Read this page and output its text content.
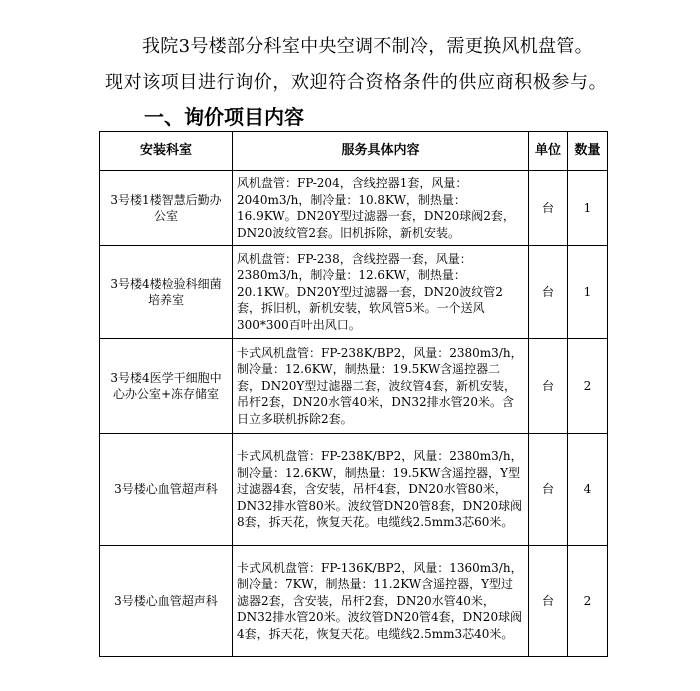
我院3号楼部分科室中央空调不制冷，需更换风机盘管。
现对该项目进行询价，欢迎符合资格条件的供应商积极参与。
一、询价项目内容
安装科室	服务具体内容	单位	数量
3号楼1楼智慧后勤办公室	风机盘管：FP-204，含线控器1套，风量：2040m3/h，制冷量：10.8KW，制热量：16.9KW。DN20Y型过滤器一套，DN20球阀2套，DN20波纹管2套。旧机拆除，新机安装。	台	1
3号楼4楼检验科细菌培养室	风机盘管：FP-238，含线控器一套，风量：2380m3/h，制冷量：12.6KW，制热量：20.1KW。DN20Y型过滤器一套，DN20波纹管2套，拆旧机，新机安装，软风管5米。一个送风300*300百叶出风口。	台	1
3号楼4医学干细胞中心办公室+冻存储室	卡式风机盘管：FP-238K/BP2，风量：2380m3/h，制冷量：12.6KW，制热量：19.5KW含遥控器二套，DN20Y型过滤器二套，波纹管4套，新机安装，吊杆2套，DN20水管40米，DN32排水管20米。含日立多联机拆除2套。	台	2
3号楼心血管超声科	卡式风机盘管：FP-238K/BP2，风量：2380m3/h，制冷量：12.6KW，制热量：19.5KW含遥控器，Y型过滤器4套，含安装，吊杆4套，DN20水管80米，DN32排水管80米。波纹管DN20管8套，DN20球阀8套，拆天花，恢复天花。电缆线2.5mm3芯60米。	台	4
3号楼心血管超声科	卡式风机盘管：FP-136K/BP2，风量：1360m3/h，制冷量：7KW，制热量：11.2KW含遥控器，Y型过滤器2套，含安装，吊杆2套，DN20水管40米，DN32排水管20米。波纹管DN20管4套，DN20球阀4套，拆天花，恢复天花。电缆线2.5mm3芯40米。	台	2
